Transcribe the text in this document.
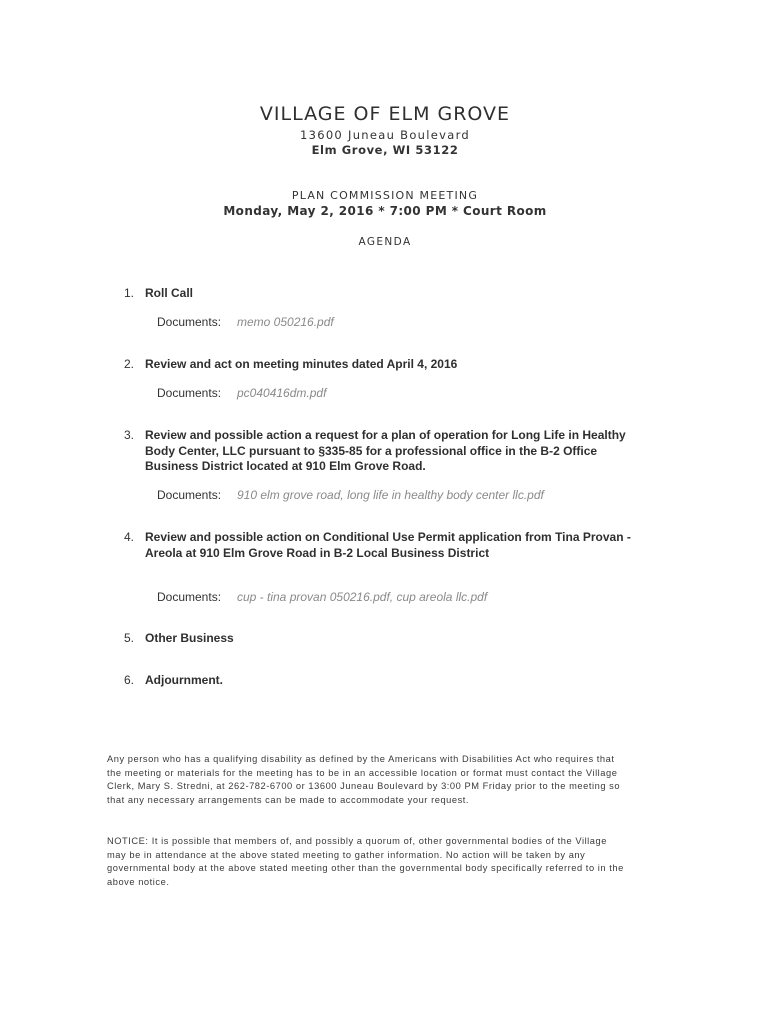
VILLAGE OF ELM GROVE
13600 Juneau Boulevard
Elm Grove, WI 53122
PLAN COMMISSION MEETING
Monday, May 2, 2016 * 7:00 PM * Court Room
AGENDA
1. Roll Call
Documents: memo 050216.pdf
2. Review and act on meeting minutes dated April 4, 2016
Documents: pc040416dm.pdf
3. Review and possible action a request for a plan of operation for Long Life in Healthy Body Center, LLC pursuant to §335-85 for a professional office in the B-2 Office Business District located at 910 Elm Grove Road.
Documents: 910 elm grove road, long life in healthy body center llc.pdf
4. Review and possible action on Conditional Use Permit application from Tina Provan - Areola at 910 Elm Grove Road in B-2 Local Business District
Documents: cup - tina provan 050216.pdf, cup areola llc.pdf
5. Other Business
6. Adjournment.
Any person who has a qualifying disability as defined by the Americans with Disabilities Act who requires that the meeting or materials for the meeting has to be in an accessible location or format must contact the Village Clerk, Mary S. Stredni, at 262-782-6700 or 13600 Juneau Boulevard by 3:00 PM Friday prior to the meeting so that any necessary arrangements can be made to accommodate your request.
NOTICE: It is possible that members of, and possibly a quorum of, other governmental bodies of the Village may be in attendance at the above stated meeting to gather information. No action will be taken by any governmental body at the above stated meeting other than the governmental body specifically referred to in the above notice.
